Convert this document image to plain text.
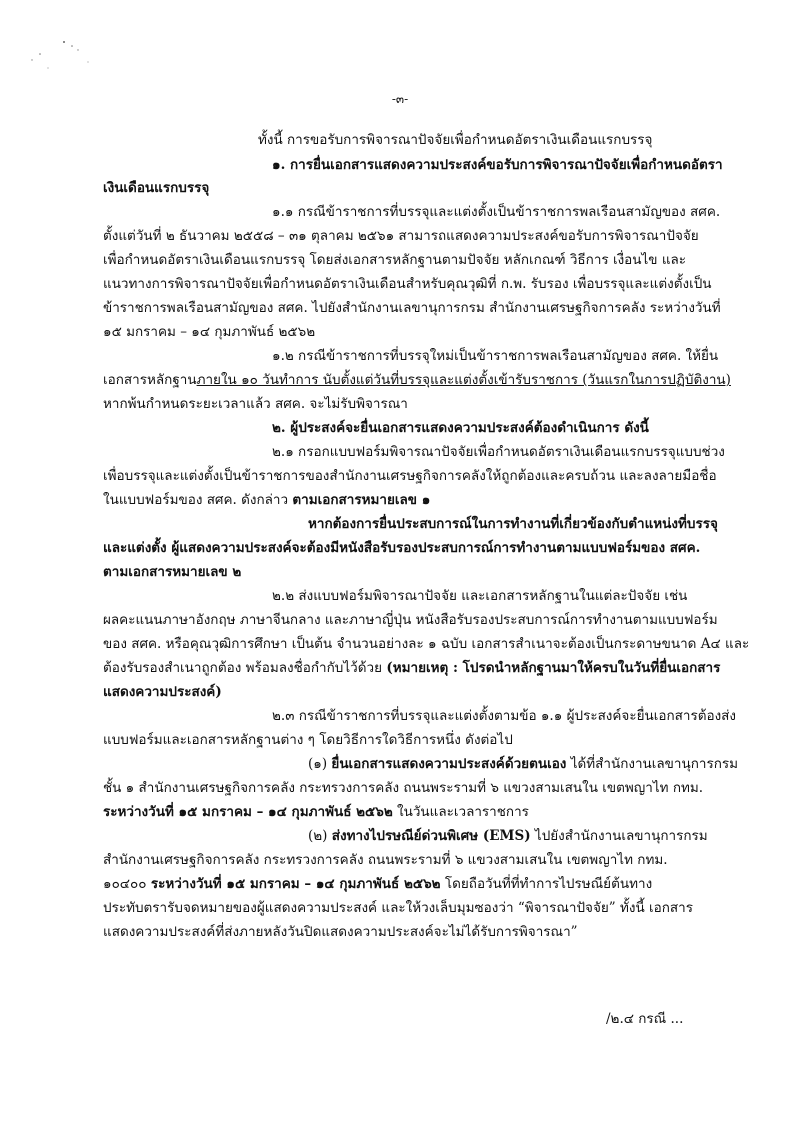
-๓-
ทั้งนี้ การขอรับการพิจารณาปัจจัยเพื่อกำหนดอัตราเงินเดือนแรกบรรจุ
๑. การยื่นเอกสารแสดงความประสงค์ขอรับการพิจารณาปัจจัยเพื่อกำหนดอัตรา
เงินเดือนแรกบรรจุ
๑.๑ กรณีข้าราชการที่บรรจุและแต่งตั้งเป็นข้าราชการพลเรือนสามัญของ สศค.
ตั้งแต่วันที่ ๒ ธันวาคม ๒๕๕๘ – ๓๑ ตุลาคม ๒๕๖๑ สามารถแสดงความประสงค์ขอรับการพิจารณาปัจจัย
เพื่อกำหนดอัตราเงินเดือนแรกบรรจุ โดยส่งเอกสารหลักฐานตามปัจจัย หลักเกณฑ์ วิธีการ เงื่อนไข และ
แนวทางการพิจารณาปัจจัยเพื่อกำหนดอัตราเงินเดือนสำหรับคุณวุฒิที่ ก.พ. รับรอง เพื่อบรรจุและแต่งตั้งเป็น
ข้าราชการพลเรือนสามัญของ สศค. ไปยังสำนักงานเลขานุการกรม สำนักงานเศรษฐกิจการคลัง ระหว่างวันที่
๑๕ มกราคม – ๑๔ กุมภาพันธ์ ๒๕๖๒
๑.๒ กรณีข้าราชการที่บรรจุใหม่เป็นข้าราชการพลเรือนสามัญของ สศค. ให้ยื่น
เอกสารหลักฐานภายใน ๑๐ วันทำการ นับตั้งแต่วันที่บรรจุและแต่งตั้งเข้ารับราชการ (วันแรกในการปฏิบัติงาน)
หากพ้นกำหนดระยะเวลาแล้ว สศค. จะไม่รับพิจารณา
๒. ผู้ประสงค์จะยื่นเอกสารแสดงความประสงค์ต้องดำเนินการ ดังนี้
๒.๑ กรอกแบบฟอร์มพิจารณาปัจจัยเพื่อกำหนดอัตราเงินเดือนแรกบรรจุแบบช่วง
เพื่อบรรจุและแต่งตั้งเป็นข้าราชการของสำนักงานเศรษฐกิจการคลังให้ถูกต้องและครบถ้วน และลงลายมือชื่อ
ในแบบฟอร์มของ สศค. ดังกล่าว ตามเอกสารหมายเลข ๑
หากต้องการยื่นประสบการณ์ในการทำงานที่เกี่ยวข้องกับตำแหน่งที่บรรจุ
และแต่งตั้ง ผู้แสดงความประสงค์จะต้องมีหนังสือรับรองประสบการณ์การทำงานตามแบบฟอร์มของ สศค.
ตามเอกสารหมายเลข ๒
๒.๒ ส่งแบบฟอร์มพิจารณาปัจจัย และเอกสารหลักฐานในแต่ละปัจจัย เช่น
ผลคะแนนภาษาอังกฤษ ภาษาจีนกลาง และภาษาญี่ปุ่น หนังสือรับรองประสบการณ์การทำงานตามแบบฟอร์ม
ของ สศค. หรือคุณวุฒิการศึกษา เป็นต้น จำนวนอย่างละ ๑ ฉบับ เอกสารสำเนาจะต้องเป็นกระดาษขนาด A๔ และ
ต้องรับรองสำเนาถูกต้อง พร้อมลงชื่อกำกับไว้ด้วย (หมายเหตุ : โปรดนำหลักฐานมาให้ครบในวันที่ยื่นเอกสาร
แสดงความประสงค์)
๒.๓ กรณีข้าราชการที่บรรจุและแต่งตั้งตามข้อ ๑.๑ ผู้ประสงค์จะยื่นเอกสารต้องส่ง
แบบฟอร์มและเอกสารหลักฐานต่าง ๆ โดยวิธีการใดวิธีการหนึ่ง ดังต่อไป
(๑) ยื่นเอกสารแสดงความประสงค์ด้วยตนเอง ได้ที่สำนักงานเลขานุการกรม
ชั้น ๑ สำนักงานเศรษฐกิจการคลัง กระทรวงการคลัง ถนนพระรามที่ ๖ แขวงสามเสนใน เขตพญาไท กทม.
ระหว่างวันที่ ๑๕ มกราคม – ๑๔ กุมภาพันธ์ ๒๕๖๒ ในวันและเวลาราชการ
(๒) ส่งทางไปรษณีย์ด่วนพิเศษ (EMS) ไปยังสำนักงานเลขานุการกรม
สำนักงานเศรษฐกิจการคลัง กระทรวงการคลัง ถนนพระรามที่ ๖ แขวงสามเสนใน เขตพญาไท กทม.
๑๐๔๐๐ ระหว่างวันที่ ๑๕ มกราคม – ๑๔ กุมภาพันธ์ ๒๕๖๒ โดยถือวันที่ที่ทำการไปรษณีย์ต้นทาง
ประทับตรารับจดหมายของผู้แสดงความประสงค์ และให้วงเล็บมุมซองว่า “พิจารณาปัจจัย” ทั้งนี้ เอกสาร
แสดงความประสงค์ที่ส่งภายหลังวันปิดแสดงความประสงค์จะไม่ได้รับการพิจารณา”
/๒.๔ กรณี ...
